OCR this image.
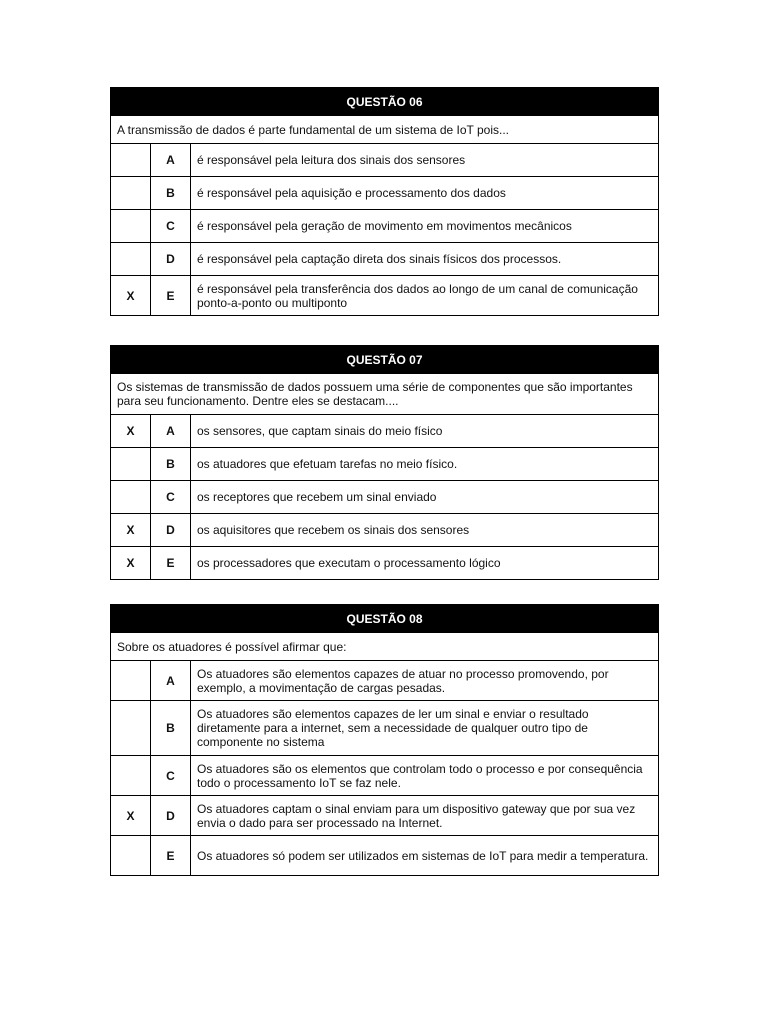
QUESTÃO 06		
A transmissão de dados é parte fundamental de um sistema de IoT pois...		
	A	é responsável pela leitura dos sinais dos sensores
	B	é responsável pela aquisição e processamento dos dados
	C	é responsável pela geração de movimento em movimentos mecânicos
	D	é responsável pela captação direta dos sinais físicos dos processos.
X	E	é responsável pela transferência dos dados ao longo de um canal de comunicação ponto-a-ponto ou multiponto
QUESTÃO 07		
Os sistemas de transmissão de dados possuem uma série de componentes que são importantes para seu funcionamento. Dentre eles se destacam....		
X	A	os sensores, que captam sinais do meio físico
	B	os atuadores que efetuam tarefas no meio físico.
	C	os receptores que recebem um sinal enviado
X	D	os aquisitores que recebem os sinais dos sensores
X	E	os processadores que executam o processamento lógico
QUESTÃO 08		
Sobre os atuadores é possível afirmar que:		
	A	Os atuadores são elementos capazes de atuar no processo promovendo, por exemplo, a movimentação de cargas pesadas.
	B	Os atuadores são elementos capazes de ler um sinal e enviar o resultado diretamente para a internet, sem a necessidade de qualquer outro tipo de componente no sistema
	C	Os atuadores são os elementos que controlam todo o processo e por consequência todo o processamento IoT se faz nele.
X	D	Os atuadores captam o sinal enviam para um dispositivo gateway que por sua vez envia o dado para ser processado na Internet.
	E	Os atuadores só podem ser utilizados em sistemas de IoT para medir a temperatura.
